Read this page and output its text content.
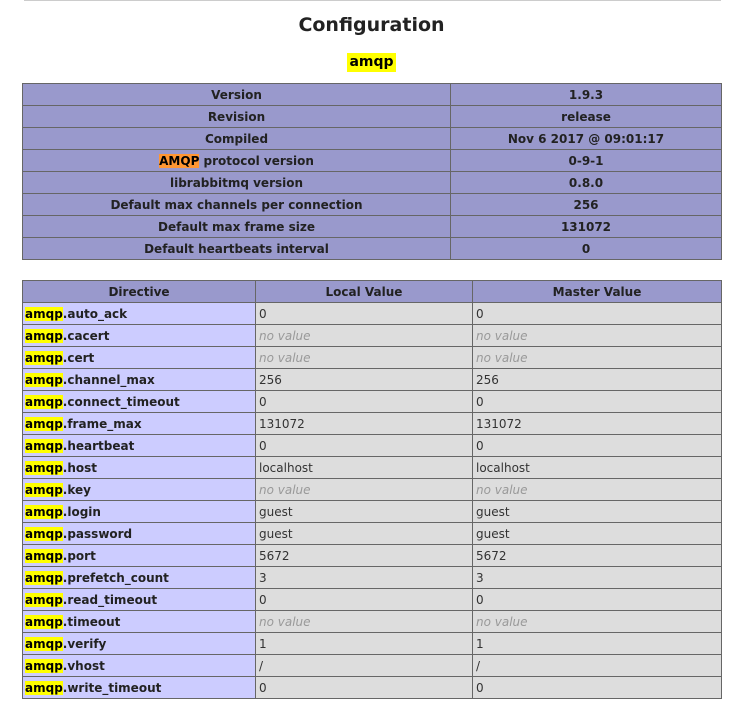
Configuration
amqp
Version	1.9.3
Revision	release
Compiled	Nov 6 2017 @ 09:01:17
AMQP protocol version	0-9-1
librabbitmq version	0.8.0
Default max channels per connection	256
Default max frame size	131072
Default heartbeats interval	0
Directive	Local Value	Master Value
amqp.auto_ack	0	0
amqp.cacert	no value	no value
amqp.cert	no value	no value
amqp.channel_max	256	256
amqp.connect_timeout	0	0
amqp.frame_max	131072	131072
amqp.heartbeat	0	0
amqp.host	localhost	localhost
amqp.key	no value	no value
amqp.login	guest	guest
amqp.password	guest	guest
amqp.port	5672	5672
amqp.prefetch_count	3	3
amqp.read_timeout	0	0
amqp.timeout	no value	no value
amqp.verify	1	1
amqp.vhost	/	/
amqp.write_timeout	0	0
